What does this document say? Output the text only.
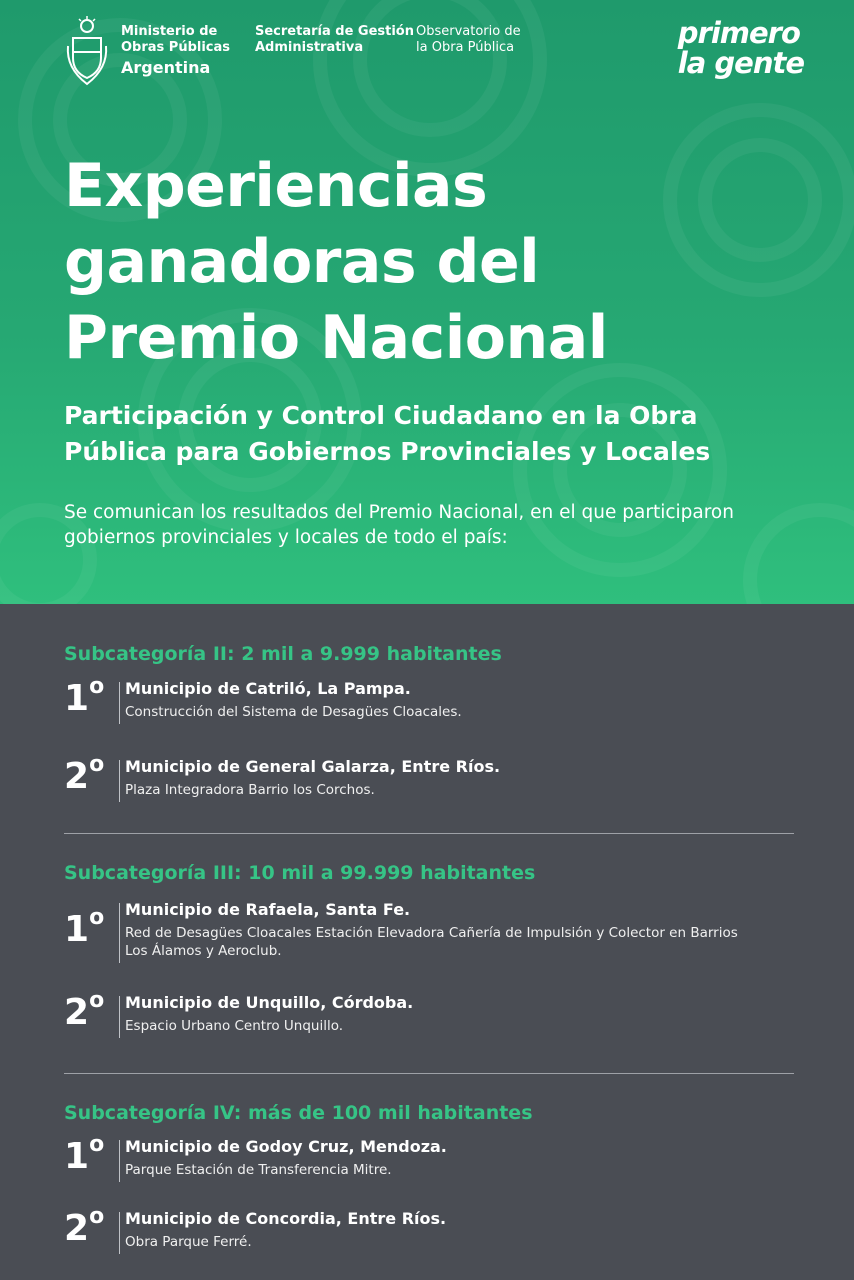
Ministerio de
Obras Públicas
Argentina
Secretaría de Gestión
Administrativa
Observatorio de
la Obra Pública	primero
la gente
Experiencias
ganadoras del
Premio Nacional
Participación y Control Ciudadano en la Obra
Pública para Gobiernos Provinciales y Locales

Se comunican los resultados del Premio Nacional, en el que participaron
gobiernos provinciales y locales de todo el país:

Subcategoría II: 2 mil a 9.999 habitantes
1$^o$ Municipio de Catriló, La Pampa.
Construcción del Sistema de Desagües Cloacales.
2$^o$ Municipio de General Galarza, Entre Ríos.
Plaza Integradora Barrio los Corchos.
Subcategoría III: 10 mil a 99.999 habitantes
1$^o$ Municipio de Rafaela, Santa Fe.
Red de Desagües Cloacales Estación Elevadora Cañería de Impulsión y Colector en Barrios Los Álamos y Aeroclub.
2$^o$ Municipio de Unquillo, Córdoba.
Espacio Urbano Centro Unquillo.
Subcategoría IV: más de 100 mil habitantes
1$^o$ Municipio de Godoy Cruz, Mendoza.
Parque Estación de Transferencia Mitre.
2$^o$ Municipio de Concordia, Entre Ríos.
Obra Parque Ferré.
